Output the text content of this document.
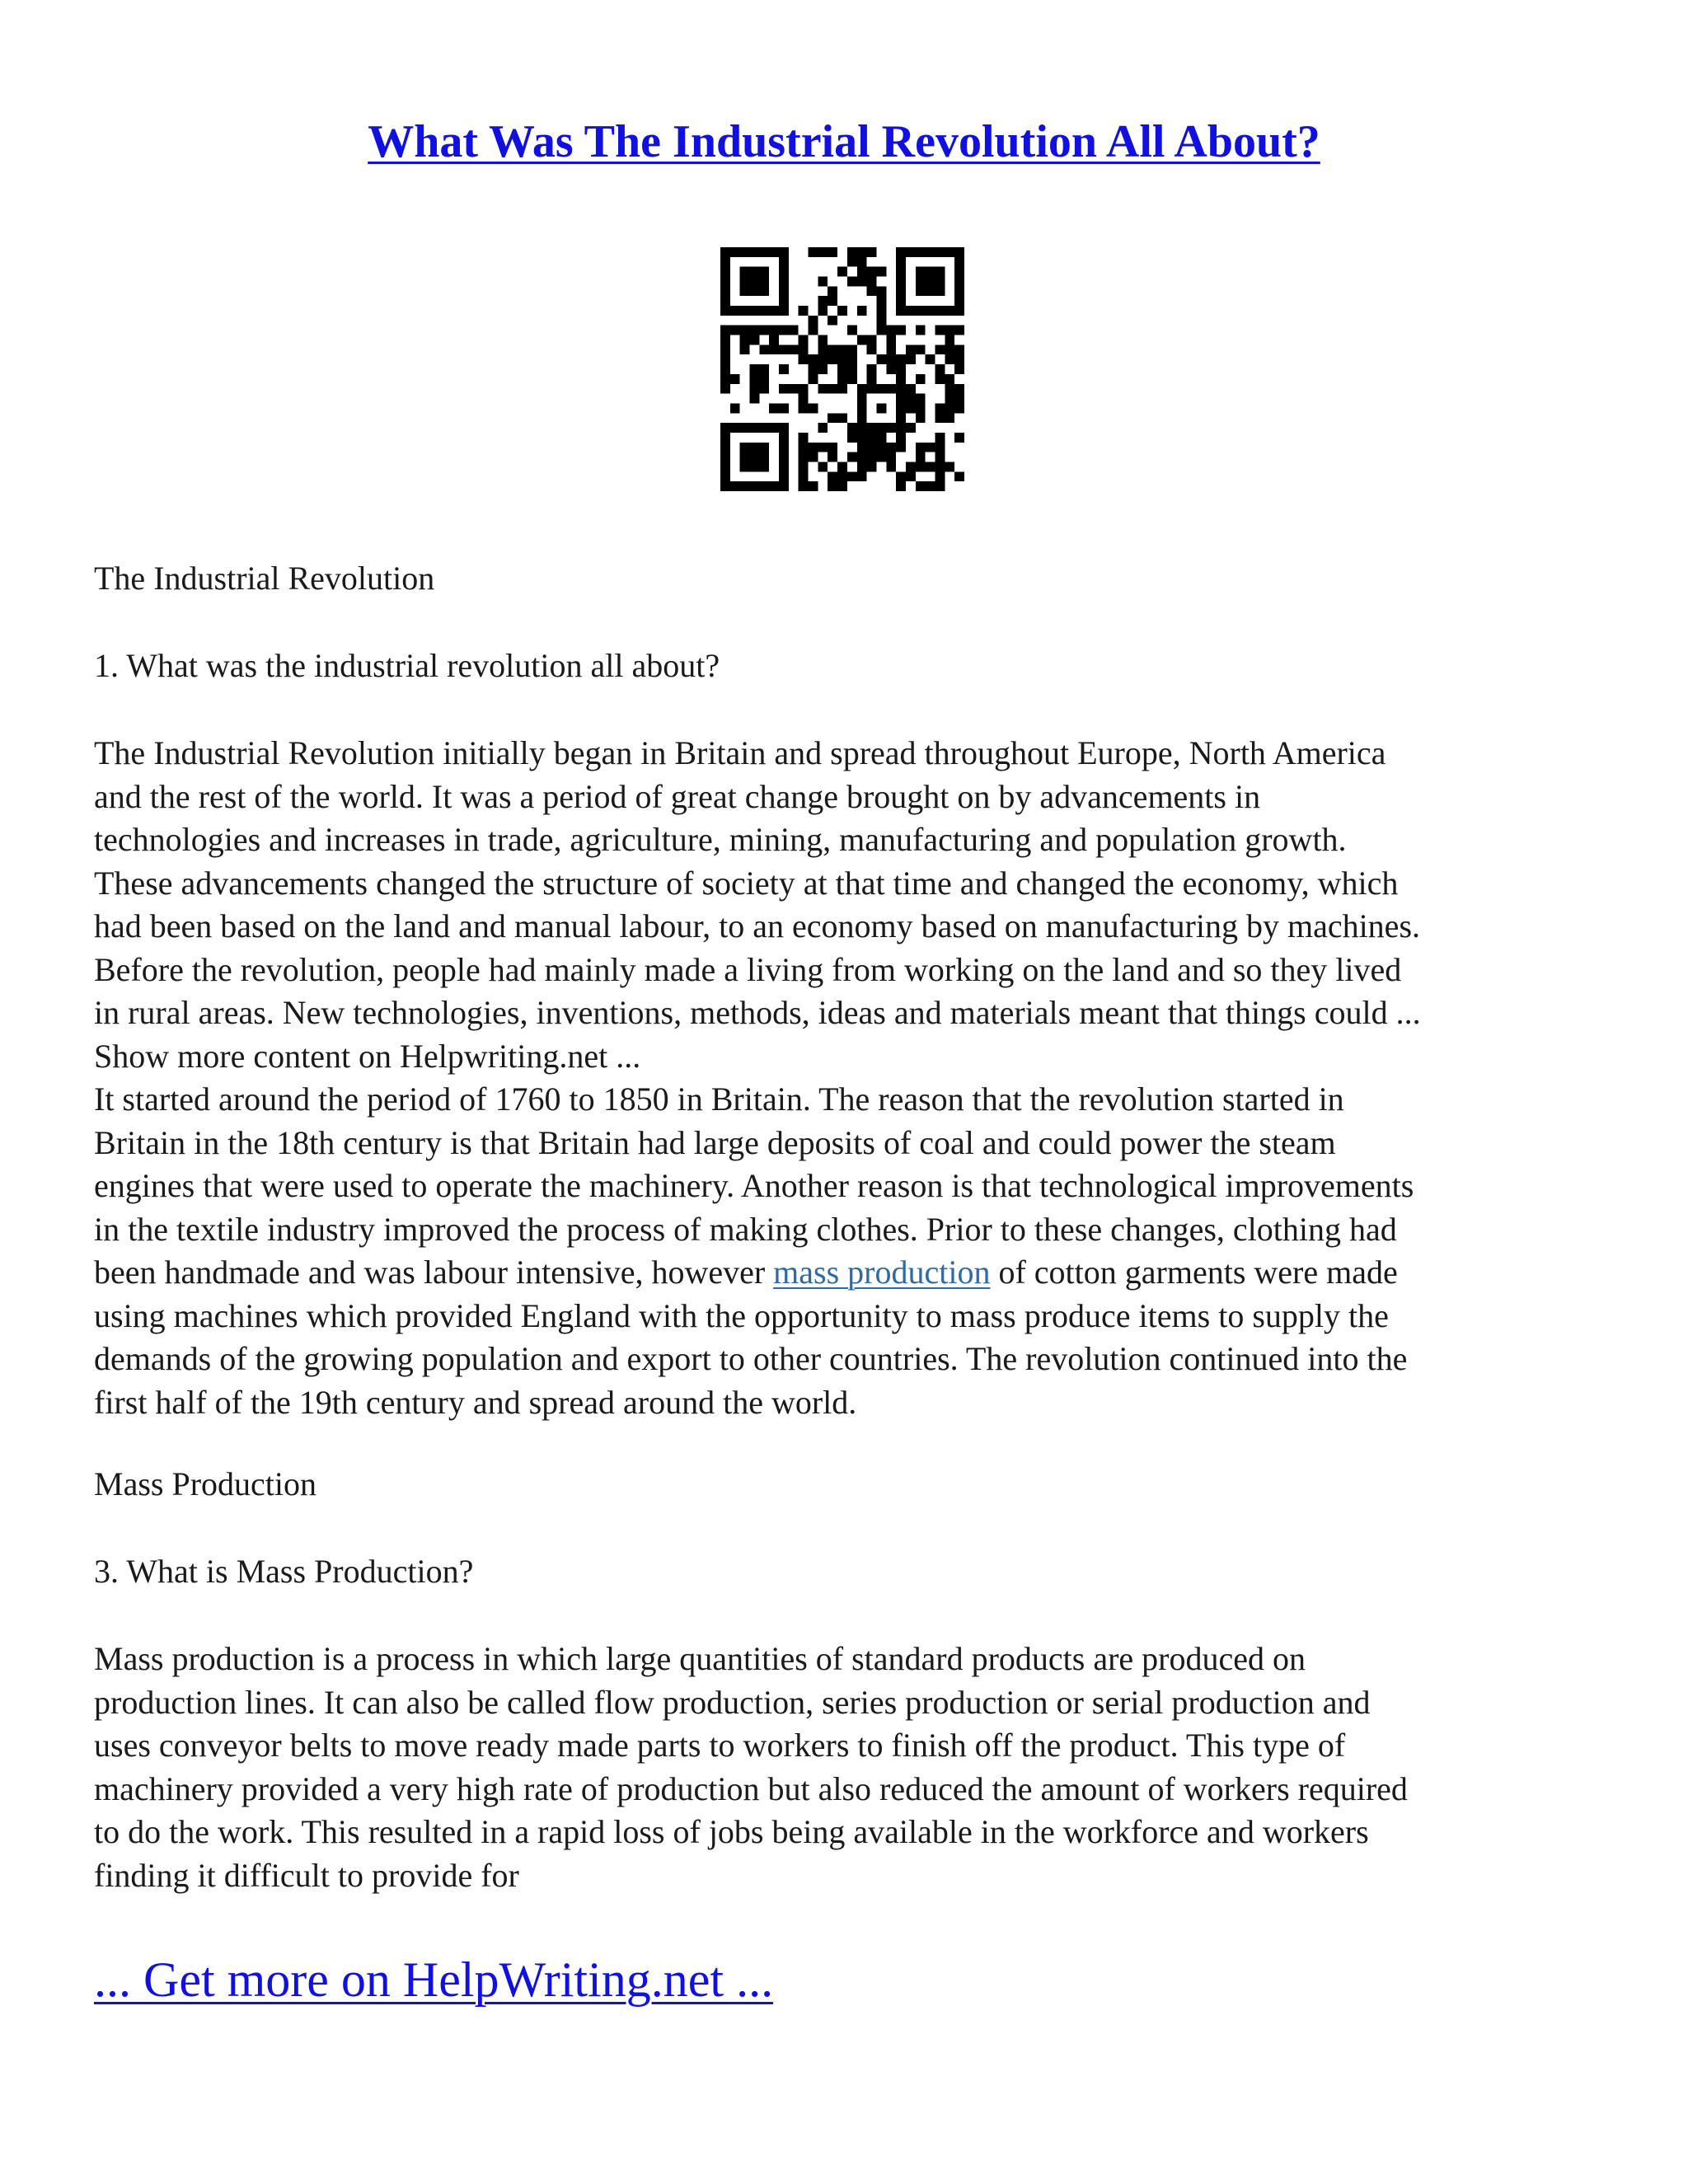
What Was The Industrial Revolution All About?
The Industrial Revolution
1. What was the industrial revolution all about?
The Industrial Revolution initially began in Britain and spread throughout Europe, North America
and the rest of the world. It was a period of great change brought on by advancements in
technologies and increases in trade, agriculture, mining, manufacturing and population growth.
These advancements changed the structure of society at that time and changed the economy, which
had been based on the land and manual labour, to an economy based on manufacturing by machines.
Before the revolution, people had mainly made a living from working on the land and so they lived
in rural areas. New technologies, inventions, methods, ideas and materials meant that things could ...
Show more content on Helpwriting.net ...
It started around the period of 1760 to 1850 in Britain. The reason that the revolution started in
Britain in the 18th century is that Britain had large deposits of coal and could power the steam
engines that were used to operate the machinery. Another reason is that technological improvements
in the textile industry improved the process of making clothes. Prior to these changes, clothing had
been handmade and was labour intensive, however mass production of cotton garments were made
using machines which provided England with the opportunity to mass produce items to supply the
demands of the growing population and export to other countries. The revolution continued into the
first half of the 19th century and spread around the world.
Mass Production
3. What is Mass Production?
Mass production is a process in which large quantities of standard products are produced on
production lines. It can also be called flow production, series production or serial production and
uses conveyor belts to move ready made parts to workers to finish off the product. This type of
machinery provided a very high rate of production but also reduced the amount of workers required
to do the work. This resulted in a rapid loss of jobs being available in the workforce and workers
finding it difficult to provide for
... Get more on HelpWriting.net ...
